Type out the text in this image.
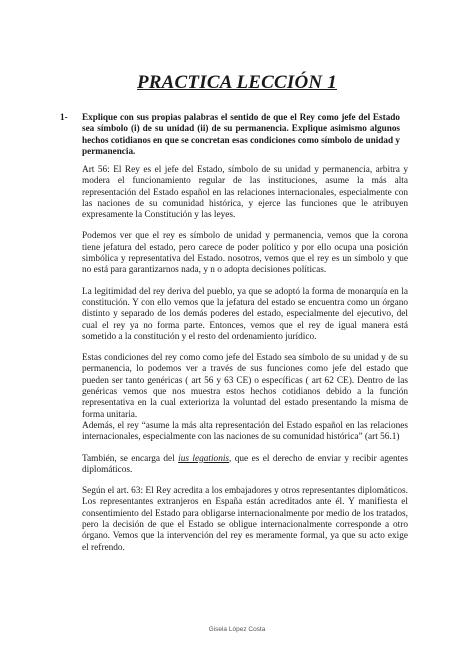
PRACTICA LECCIÓN 1
1- Explique con sus propias palabras el sentido de que el Rey como jefe del Estado sea símbolo (i) de su unidad (ii) de su permanencia. Explique asimismo algunos hechos cotidianos en que se concretan esas condiciones como símbolo de unidad y permanencia.

Art 56: El Rey es el jefe del Estado, símbolo de su unidad y permanencia, arbitra y modera el funcionamiento regular de las instituciones, asume la más alta representación del Estado español en las relaciones internacionales, especialmente con las naciones de su comunidad histórica, y ejerce las funciones que le atribuyen expresamente la Constitución y las leyes.

Podemos ver que el rey es símbolo de unidad y permanencia, vemos que la corona tiene jefatura del estado, pero carece de poder político y por ello ocupa una posición simbólica y representativa del Estado. nosotros, vemos que el rey es un símbolo y que no está para garantizarnos nada, y n o adopta decisiones políticas.

La legitimidad del rey deriva del pueblo, ya que se adoptó la forma de monarquía en la constitución. Y con ello vemos que la jefatura del estado se encuentra como un órgano distinto y separado de los demás poderes del estado, especialmente del ejecutivo, del cual el rey ya no forma parte. Entonces, vemos que el rey de igual manera está sometido a la constitución y el resto del ordenamiento jurídico.

Estas condiciones del rey como como jefe del Estado sea símbolo de su unidad y de su permanencia, lo podemos ver a través de sus funciones como jefe del estado que pueden ser tanto genéricas ( art 56 y 63 CE) o específicas ( art 62 CE). Dentro de las genéricas vemos que nos muestra estos hechos cotidianos debido a la función representativa en la cual exterioriza la voluntad del estado presentando la misma de forma unitaria.

Además, el rey “asume la más alta representación del Estado español en las relaciones internacionales, especialmente con las naciones de su comunidad histórica” (art 56.1)

También, se encarga del ius legationis, que es el derecho de enviar y recibir agentes diplomáticos.

Según el art. 63: El Rey acredita a los embajadores y otros representantes diplomáticos. Los representantes extranjeros en España están acreditados ante él. Y manifiesta el consentimiento del Estado para obligarse internacionalmente por medio de los tratados, pero la decisión de que el Estado se obligue internacionalmente corresponde a otro órgano. Vemos que la intervención del rey es meramente formal, ya que su acto exige el refrendo.

Gisela López Costa
